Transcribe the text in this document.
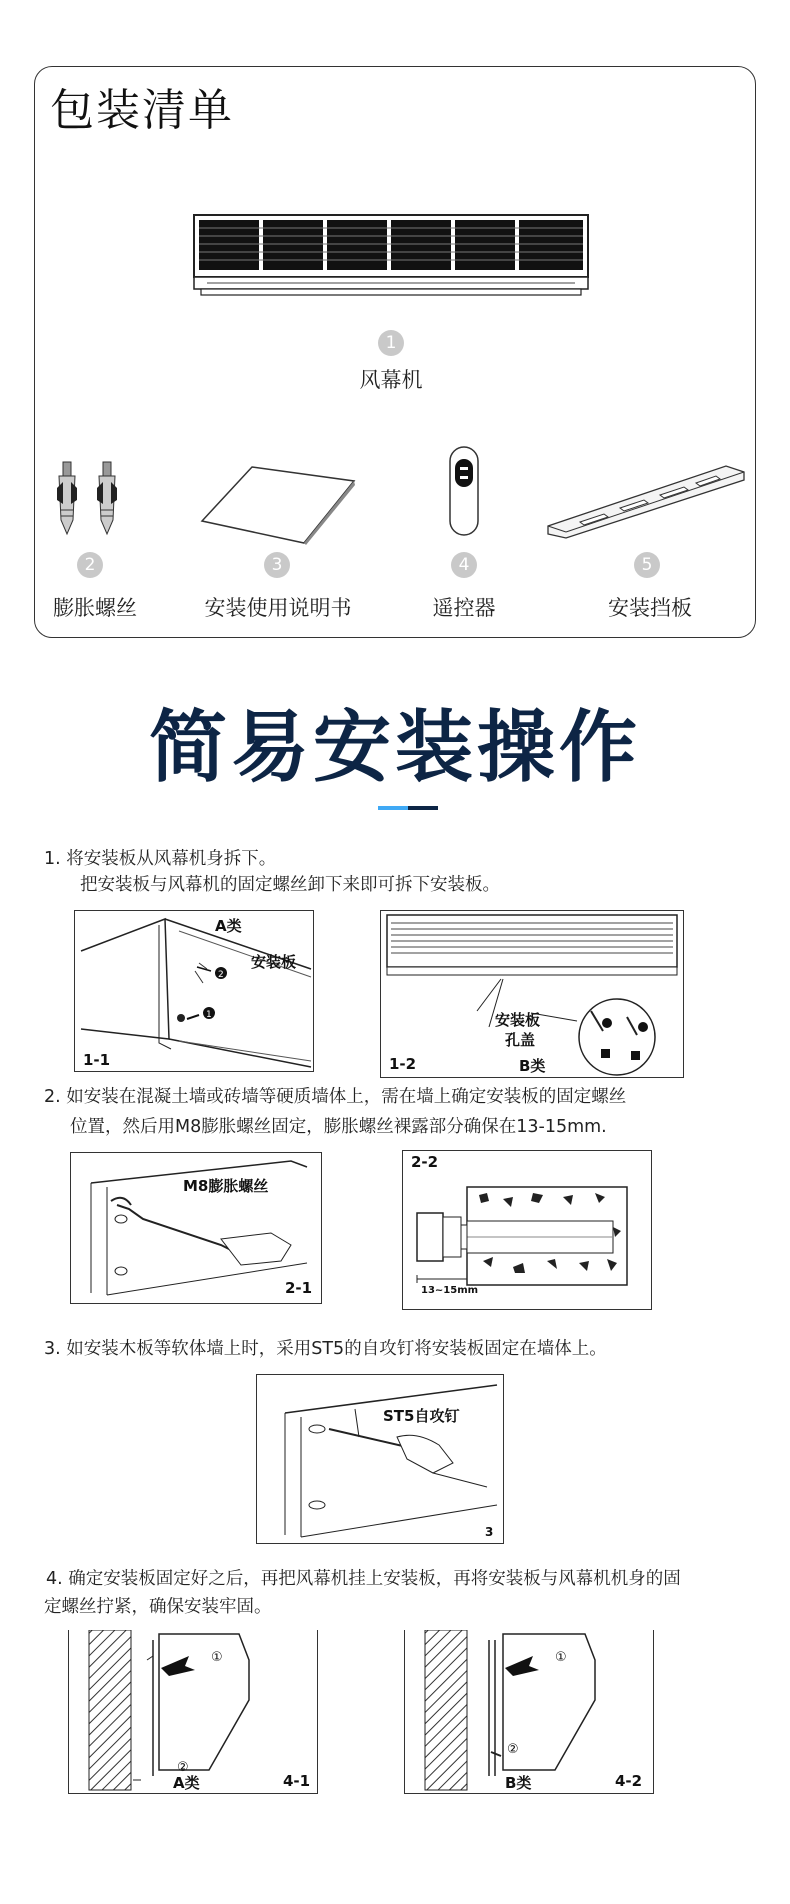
包装清单
1
风幕机
2
膨胀螺丝
3
安装使用说明书
4
遥控器
5
安装挡板
简易安装操作
1. 将安装板从风幕机身拆下。
把安装板与风幕机的固定螺丝卸下来即可拆下安装板。
1
2
A类
安装板
1-1
安装板
孔盖
B类
1-2
2. 如安装在混凝土墙或砖墙等硬质墙体上，需在墙上确定安装板的固定螺丝
位置，然后用M8膨胀螺丝固定，膨胀螺丝裸露部分确保在13-15mm.
M8膨胀螺丝
2-1
2-2
13~15mm
3. 如安装木板等软体墙上时，采用ST5的自攻钉将安装板固定在墙体上。
ST5自攻钉
3
4. 确定安装板固定好之后，再把风幕机挂上安装板，再将安装板与风幕机机身的固
定螺丝拧紧，确保安装牢固。
①
②
A类	4-1
①
②
B类	4-2
